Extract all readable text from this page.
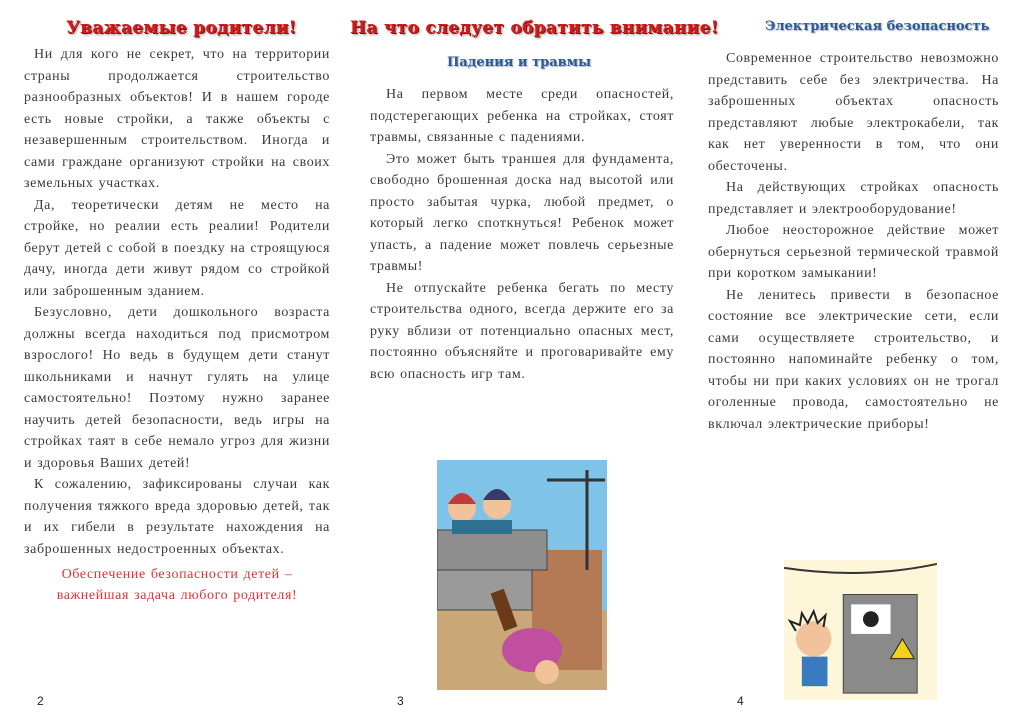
Уважаемые родители!

Ни для кого не секрет, что на территории страны продолжается строительство разнообразных объектов! И в нашем городе есть новые стройки, а также объекты с незавершенным строительством. Иногда и сами граждане организуют стройки на своих земельных участках.

Да, теоретически детям не место на стройке, но реалии есть реалии! Родители берут детей с собой в поездку на строящуюся дачу, иногда дети живут рядом со стройкой или заброшенным зданием.

Безусловно, дети дошкольного возраста должны всегда находиться под присмотром взрослого! Но ведь в будущем дети станут школьниками и начнут гулять на улице самостоятельно! Поэтому нужно заранее научить детей безопасности, ведь игры на стройках таят в себе немало угроз для жизни и здоровья Ваших детей!

К сожалению, зафиксированы случаи как получения тяжкого вреда здоровью детей, так и их гибели в результате нахождения на заброшенных недостроенных объектах.

Обеспечение безопасности детей –
важнейшая задача любого родителя!
2
На что следует обратить внимание!
Падения и травмы

На первом месте среди опасностей, подстерегающих ребенка на стройках, стоят травмы, связанные с падениями.

Это может быть траншея для фундамента, свободно брошенная доска над высотой или просто забытая чурка, любой предмет, о который легко споткнуться! Ребенок может упасть, а падение может повлечь серьезные травмы!

Не отпускайте ребенка бегать по месту строительства одного, всегда держите его за руку вблизи от потенциально опасных мест, постоянно объясняйте и проговаривайте ему всю опасность игр там.

3
Электрическая безопасность

Современное строительство невозможно представить себе без электричества. На заброшенных объектах опасность представляют любые электрокабели, так как нет уверенности в том, что они обесточены.

На действующих стройках опасность представляет и электрооборудование!

Любое неосторожное действие может обернуться серьезной термической травмой при коротком замыкании!

Не ленитесь привести в безопасное состояние все электрические сети, если сами осуществляете строительство, и постоянно напоминайте ребенку о том, чтобы ни при каких условиях он не трогал оголенные провода, самостоятельно не включал электрические приборы!

4
